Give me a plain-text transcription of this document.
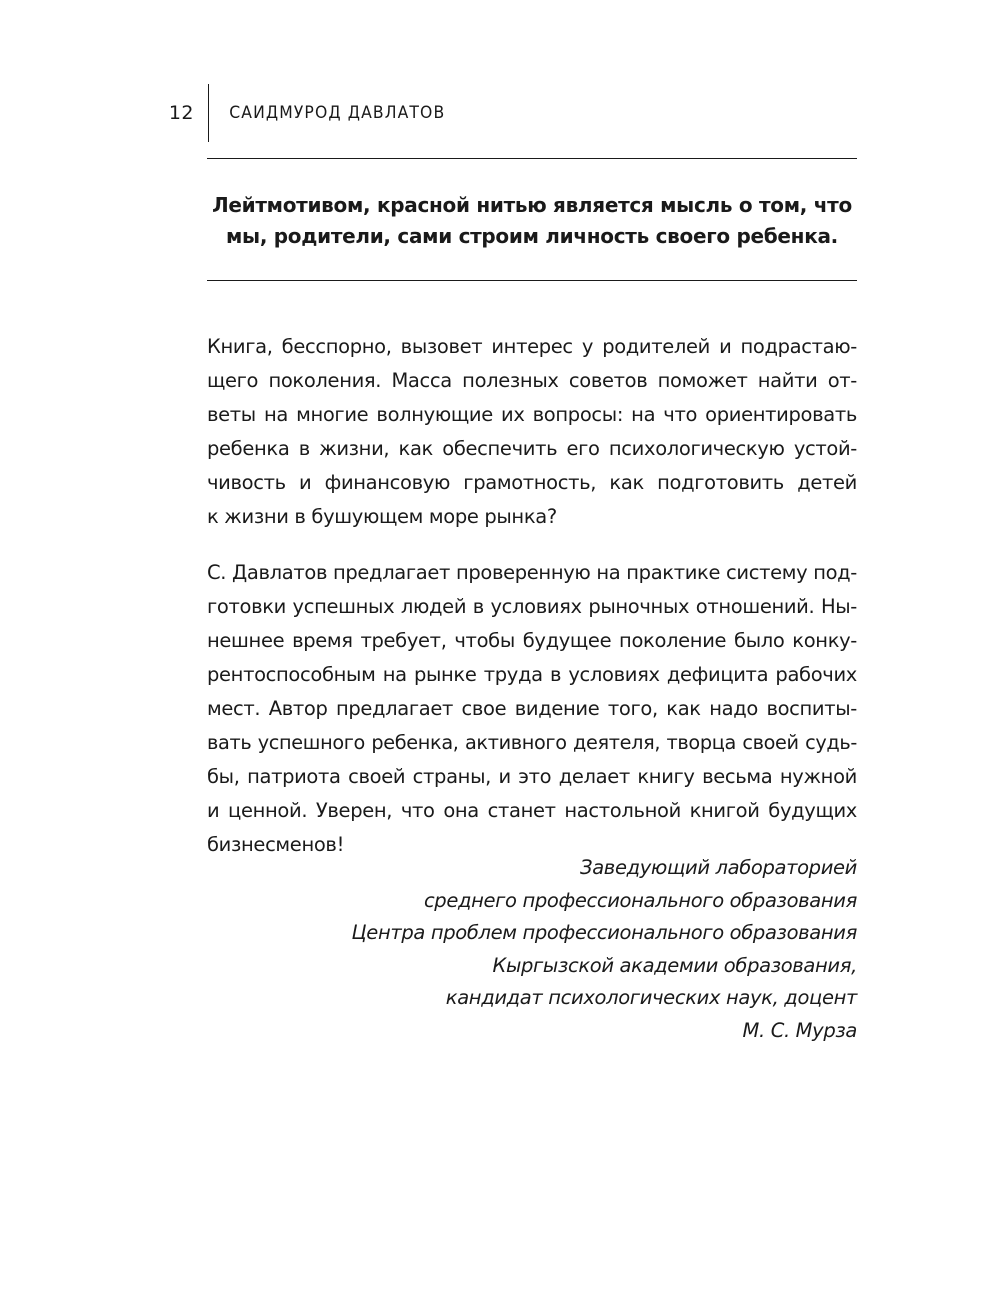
12	САИДМУРОД ДАВЛАТОВ
Лейтмотивом, красной нитью является мысль о том, что
мы, родители, сами строим личность своего ребенка.

Книга, бесспорно, вызовет интерес у родителей и подрастаю-
щего поколения. Масса полезных советов поможет найти от-
веты на многие волнующие их вопросы: на что ориентировать
ребенка в жизни, как обеспечить его психологическую устой-
чивость и финансовую грамотность, как подготовить детей
к жизни в бушующем море рынка?

С. Давлатов предлагает проверенную на практике систему под-
готовки успешных людей в условиях рыночных отношений. Ны-
нешнее время требует, чтобы будущее поколение было конку-
рентоспособным на рынке труда в условиях дефицита рабочих
мест. Автор предлагает свое видение того, как надо воспиты-
вать успешного ребенка, активного деятеля, творца своей судь-
бы, патриота своей страны, и это делает книгу весьма нужной
и ценной. Уверен, что она станет настольной книгой будущих
бизнесменов!

Заведующий лабораторией
среднего профессионального образования
Центра проблем профессионального образования
Кыргызской академии образования,
кандидат психологических наук, доцент
М. С. Мурза
